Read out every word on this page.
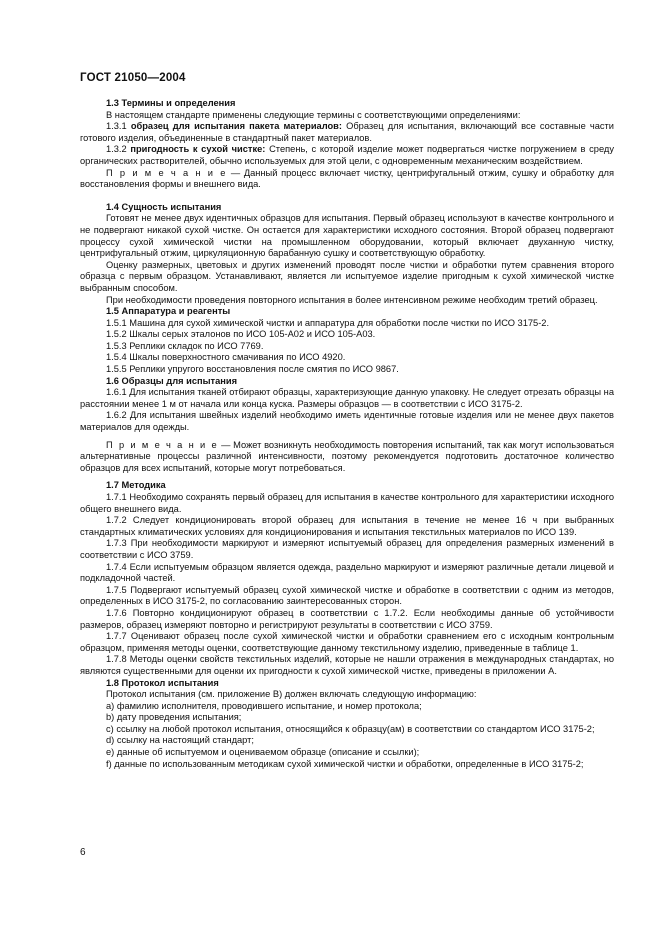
ГОСТ 21050—2004

1.3 Термины и определения

В настоящем стандарте применены следующие термины с соответствующими определениями:

1.3.1 образец для испытания пакета материалов: Образец для испытания, включающий все составные части готового изделия, объединенные в стандартный пакет материалов.

1.3.2 пригодность к сухой чистке: Степень, с которой изделие может подвергаться чистке погружением в среду органических растворителей, обычно используемых для этой цели, с одновременным механическим воздействием.

П р и м е ч а н и е — Данный процесс включает чистку, центрифугальный отжим, сушку и обработку для восстановления формы и внешнего вида.

1.4 Сущность испытания

Готовят не менее двух идентичных образцов для испытания. Первый образец используют в качестве контрольного и не подвергают никакой сухой чистке. Он остается для характеристики исходного состояния. Второй образец подвергают процессу сухой химической чистки на промышленном оборудовании, который включает двуханную чистку, центрифугальный отжим, циркуляционную барабанную сушку и соответствующую обработку.

Оценку размерных, цветовых и других изменений проводят после чистки и обработки путем сравнения второго образца с первым образцом. Устанавливают, является ли испытуемое изделие пригодным к сухой химической чистке выбранным способом.

При необходимости проведения повторного испытания в более интенсивном режиме необходим третий образец.

1.5 Аппаратура и реагенты

1.5.1 Машина для сухой химической чистки и аппаратура для обработки после чистки по ИСО 3175-2.

1.5.2 Шкалы серых эталонов по ИСО 105-А02 и ИСО 105-А03.

1.5.3 Реплики складок по ИСО 7769.

1.5.4 Шкалы поверхностного смачивания по ИСО 4920.

1.5.5 Реплики упругого восстановления после смятия по ИСО 9867.

1.6 Образцы для испытания

1.6.1 Для испытания тканей отбирают образцы, характеризующие данную упаковку. Не следует отрезать образцы на расстоянии менее 1 м от начала или конца куска. Размеры образцов — в соответствии с ИСО 3175-2.

1.6.2 Для испытания швейных изделий необходимо иметь идентичные готовые изделия или не менее двух пакетов материалов для одежды.

П р и м е ч а н и е — Может возникнуть необходимость повторения испытаний, так как могут использоваться альтернативные процессы различной интенсивности, поэтому рекомендуется подготовить достаточное количество образцов для всех испытаний, которые могут потребоваться.

1.7 Методика

1.7.1 Необходимо сохранять первый образец для испытания в качестве контрольного для характеристики исходного общего внешнего вида.

1.7.2 Следует кондиционировать второй образец для испытания в течение не менее 16 ч при выбранных стандартных климатических условиях для кондиционирования и испытания текстильных материалов по ИСО 139.

1.7.3 При необходимости маркируют и измеряют испытуемый образец для определения размерных изменений в соответствии с ИСО 3759.

1.7.4 Если испытуемым образцом является одежда, раздельно маркируют и измеряют различные детали лицевой и подкладочной частей.

1.7.5 Подвергают испытуемый образец сухой химической чистке и обработке в соответствии с одним из методов, определенных в ИСО 3175-2, по согласованию заинтересованных сторон.

1.7.6 Повторно кондиционируют образец в соответствии с 1.7.2. Если необходимы данные об устойчивости размеров, образец измеряют повторно и регистрируют результаты в соответствии с ИСО 3759.

1.7.7 Оценивают образец после сухой химической чистки и обработки сравнением его с исходным контрольным образцом, применяя методы оценки, соответствующие данному текстильному изделию, приведенные в таблице 1.

1.7.8 Методы оценки свойств текстильных изделий, которые не нашли отражения в международных стандартах, но являются существенными для оценки их пригодности к сухой химической чистке, приведены в приложении А.

1.8 Протокол испытания

Протокол испытания (см. приложение В) должен включать следующую информацию:

a) фамилию исполнителя, проводившего испытание, и номер протокола;

b) дату проведения испытания;

c) ссылку на любой протокол испытания, относящийся к образцу(ам) в соответствии со стандартом ИСО 3175-2;

d) ссылку на настоящий стандарт;

e) данные об испытуемом и оцениваемом образце (описание и ссылки);

f) данные по использованным методикам сухой химической чистки и обработки, определенные в ИСО 3175-2;

6
